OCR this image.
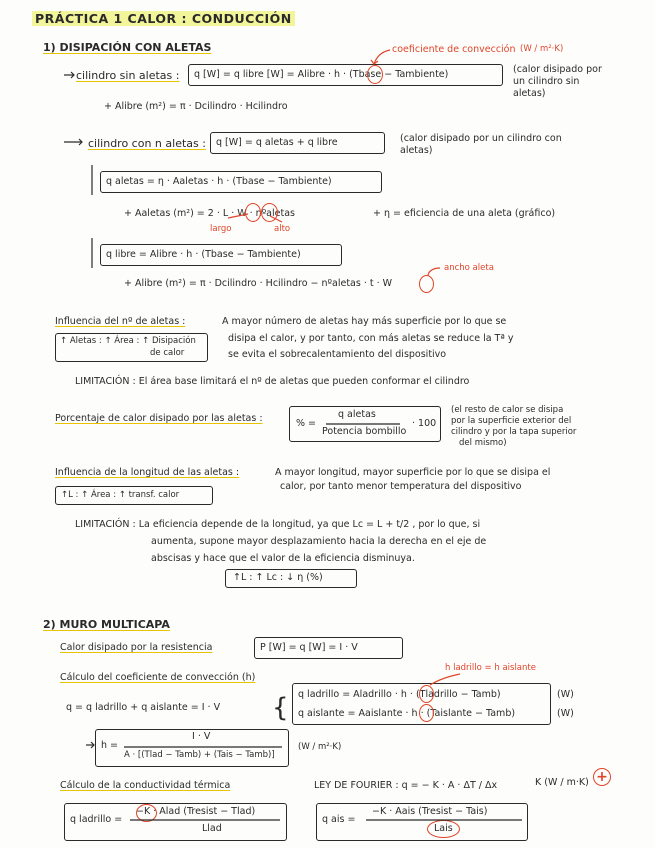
PRÁCTICA 1 CALOR : CONDUCCIÓN
1) DISIPACIÓN CON ALETAS	coeficiente de convección (W / m²·K)
cilindro sin aletas : q [W] = q libre [W] = Alibre · h · (Tbase − Tambiente)	(calor disipado por un cilindro sin aletas)
+ Alibre (m²) = π · Dcilindro · Hcilindro
cilindro con n aletas : q [W] = q aletas + q libre	(calor disipado por un cilindro con aletas)
q aletas = η · Aaletas · h · (Tbase − Tambiente)
+ Aaletas (m²) = 2 · L · W · nºaletas
largo	alto
+ η = eficiencia de una aleta (gráfico)
q libre = Alibre · h · (Tbase − Tambiente)
+ Alibre (m²) = π · Dcilindro · Hcilindro − nºaletas · t · W
ancho aleta
Influencia del nº de aletas :	A mayor número de aletas hay más superficie por lo que se
disipa el calor, y por tanto, con más aletas se reduce la Tª y
se evita el sobrecalentamiento del dispositivo
↑ Aletas : ↑ Área : ↑ Disipación
de calor
LIMITACIÓN : El área base limitará el nº de aletas que pueden conformar el cilindro
Porcentaje de calor disipado por las aletas :	% =
q aletas
Potencia bombillo
· 100
(el resto de calor se disipa
por la superficie exterior del
cilindro y por la tapa superior
del mismo)
Influencia de la longitud de las aletas :	A mayor longitud, mayor superficie por lo que se disipa el
calor, por tanto menor temperatura del dispositivo
↑L : ↑ Área : ↑ transf. calor
LIMITACIÓN : La eficiencia depende de la longitud, ya que Lc = L + t/2 , por lo que, si
aumenta, supone mayor desplazamiento hacia la derecha en el eje de
abscisas y hace que el valor de la eficiencia disminuya.
↑L : ↑ Lc : ↓ η (%)
2) MURO MULTICAPA
Calor disipado por la resistencia	P [W] = q [W] = I · V
h ladrillo = h aislante
Cálculo del coeficiente de convección (h)
q = q ladrillo + q aislante = I · V { q ladrillo = Aladrillo · h · (Tladrillo − Tamb)
q aislante = Aaislante · h · (Taislante − Tamb)
(W)
(W)
h =
I · V
A · [(Tlad − Tamb) + (Tais − Tamb)]
(W / m²·K)
Cálculo de la conductividad térmica	LEY DE FOURIER : q = − K · A · ΔT / Δx	K (W / m·K) +
q ladrillo =
−K · Alad (Tresist − Tlad)
Llad
q ais =
−K · Aais (Tresist − Tais)
Lais
